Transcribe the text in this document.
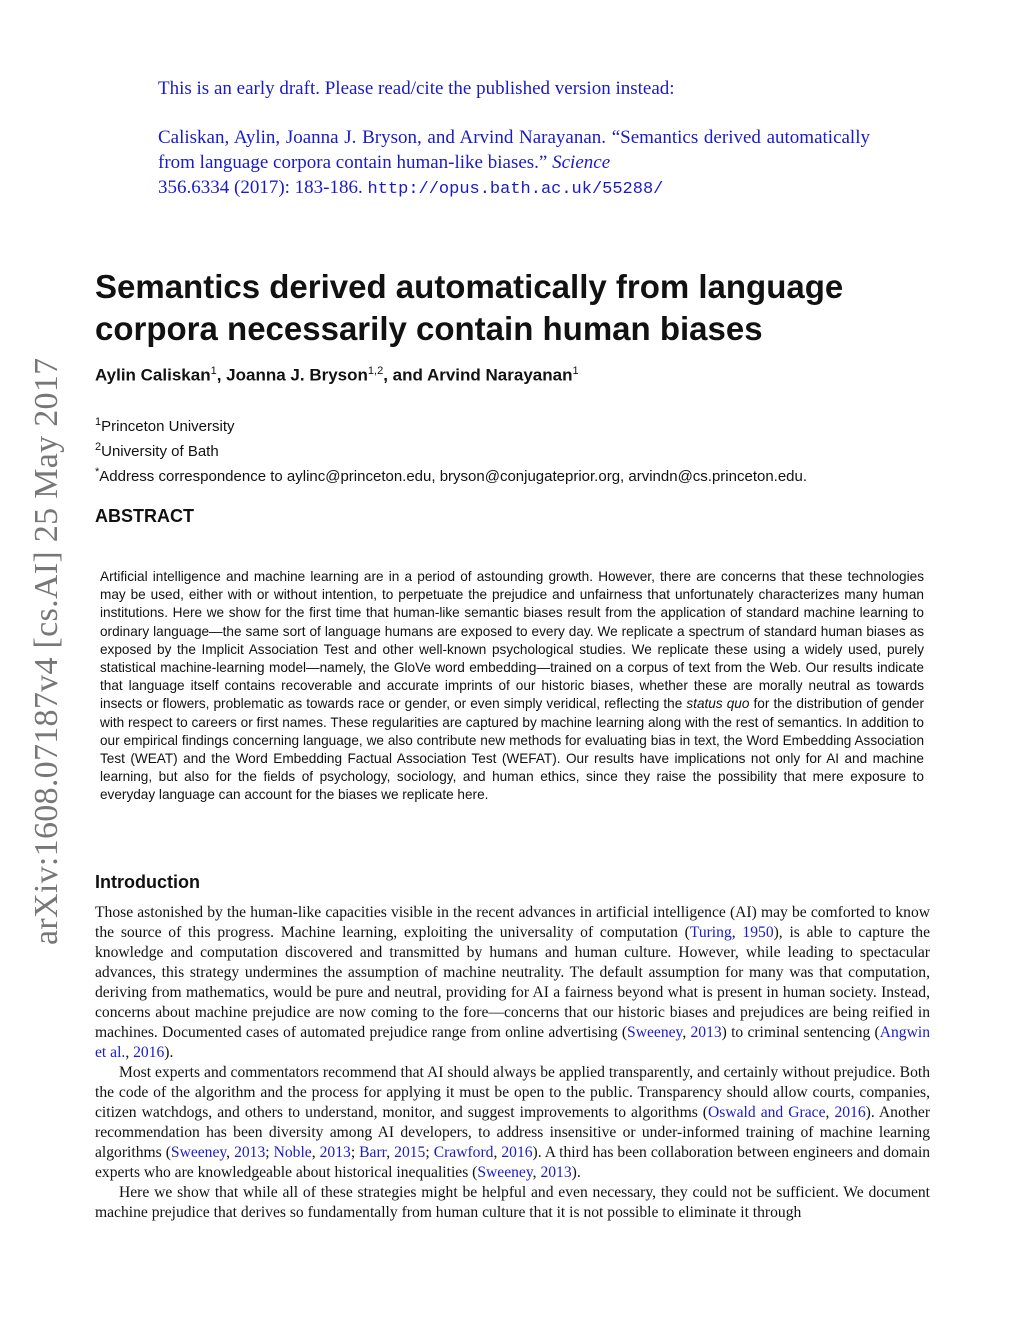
arXiv:1608.07187v4 [cs.AI] 25 May 2017

This is an early draft. Please read/cite the published version instead:

Caliskan, Aylin, Joanna J. Bryson, and Arvind Narayanan. “Semantics derived automatically from language corpora contain human-like biases.” Science
356.6334 (2017): 183-186. http://opus.bath.ac.uk/55288/

Semantics derived automatically from language corpora necessarily contain human biases
Aylin Caliskan$^1$, Joanna J. Bryson$^{1,2}$, and Arvind Narayanan$^1$
$^1$Princeton University
$^2$University of Bath
*Address correspondence to aylinc@princeton.edu, bryson@conjugateprior.org, arvindn@cs.princeton.edu.
ABSTRACT

Artificial intelligence and machine learning are in a period of astounding growth. However, there are concerns that these technologies may be used, either with or without intention, to perpetuate the prejudice and unfairness that unfortunately characterizes many human institutions. Here we show for the first time that human-like semantic biases result from the application of standard machine learning to ordinary language—the same sort of language humans are exposed to every day. We replicate a spectrum of standard human biases as exposed by the Implicit Association Test and other well-known psychological studies. We replicate these using a widely used, purely statistical machine-learning model—namely, the GloVe word embedding—trained on a corpus of text from the Web. Our results indicate that language itself contains recoverable and accurate imprints of our historic biases, whether these are morally neutral as towards insects or flowers, problematic as towards race or gender, or even simply veridical, reflecting the status quo for the distribution of gender with respect to careers or first names. These regularities are captured by machine learning along with the rest of semantics. In addition to our empirical findings concerning language, we also contribute new methods for evaluating bias in text, the Word Embedding Association Test (WEAT) and the Word Embedding Factual Association Test (WEFAT). Our results have implications not only for AI and machine learning, but also for the fields of psychology, sociology, and human ethics, since they raise the possibility that mere exposure to everyday language can account for the biases we replicate here.

Introduction

Those astonished by the human-like capacities visible in the recent advances in artificial intelligence (AI) may be comforted to know the source of this progress. Machine learning, exploiting the universality of computation (Turing, 1950), is able to capture the knowledge and computation discovered and transmitted by humans and human culture. However, while leading to spectacular advances, this strategy undermines the assumption of machine neutrality. The default assumption for many was that computation, deriving from mathematics, would be pure and neutral, providing for AI a fairness beyond what is present in human society. Instead, concerns about machine prejudice are now coming to the fore—concerns that our historic biases and prejudices are being reified in machines. Documented cases of automated prejudice range from online advertising (Sweeney, 2013) to criminal sentencing (Angwin et al., 2016).

Most experts and commentators recommend that AI should always be applied transparently, and certainly without prejudice. Both the code of the algorithm and the process for applying it must be open to the public. Transparency should allow courts, companies, citizen watchdogs, and others to understand, monitor, and suggest improvements to algorithms (Oswald and Grace, 2016). Another recommendation has been diversity among AI developers, to address insensitive or under-informed training of machine learning algorithms (Sweeney, 2013; Noble, 2013; Barr, 2015; Crawford, 2016). A third has been collaboration between engineers and domain experts who are knowledgeable about historical inequalities (Sweeney, 2013).

Here we show that while all of these strategies might be helpful and even necessary, they could not be sufficient. We document machine prejudice that derives so fundamentally from human culture that it is not possible to eliminate it through
